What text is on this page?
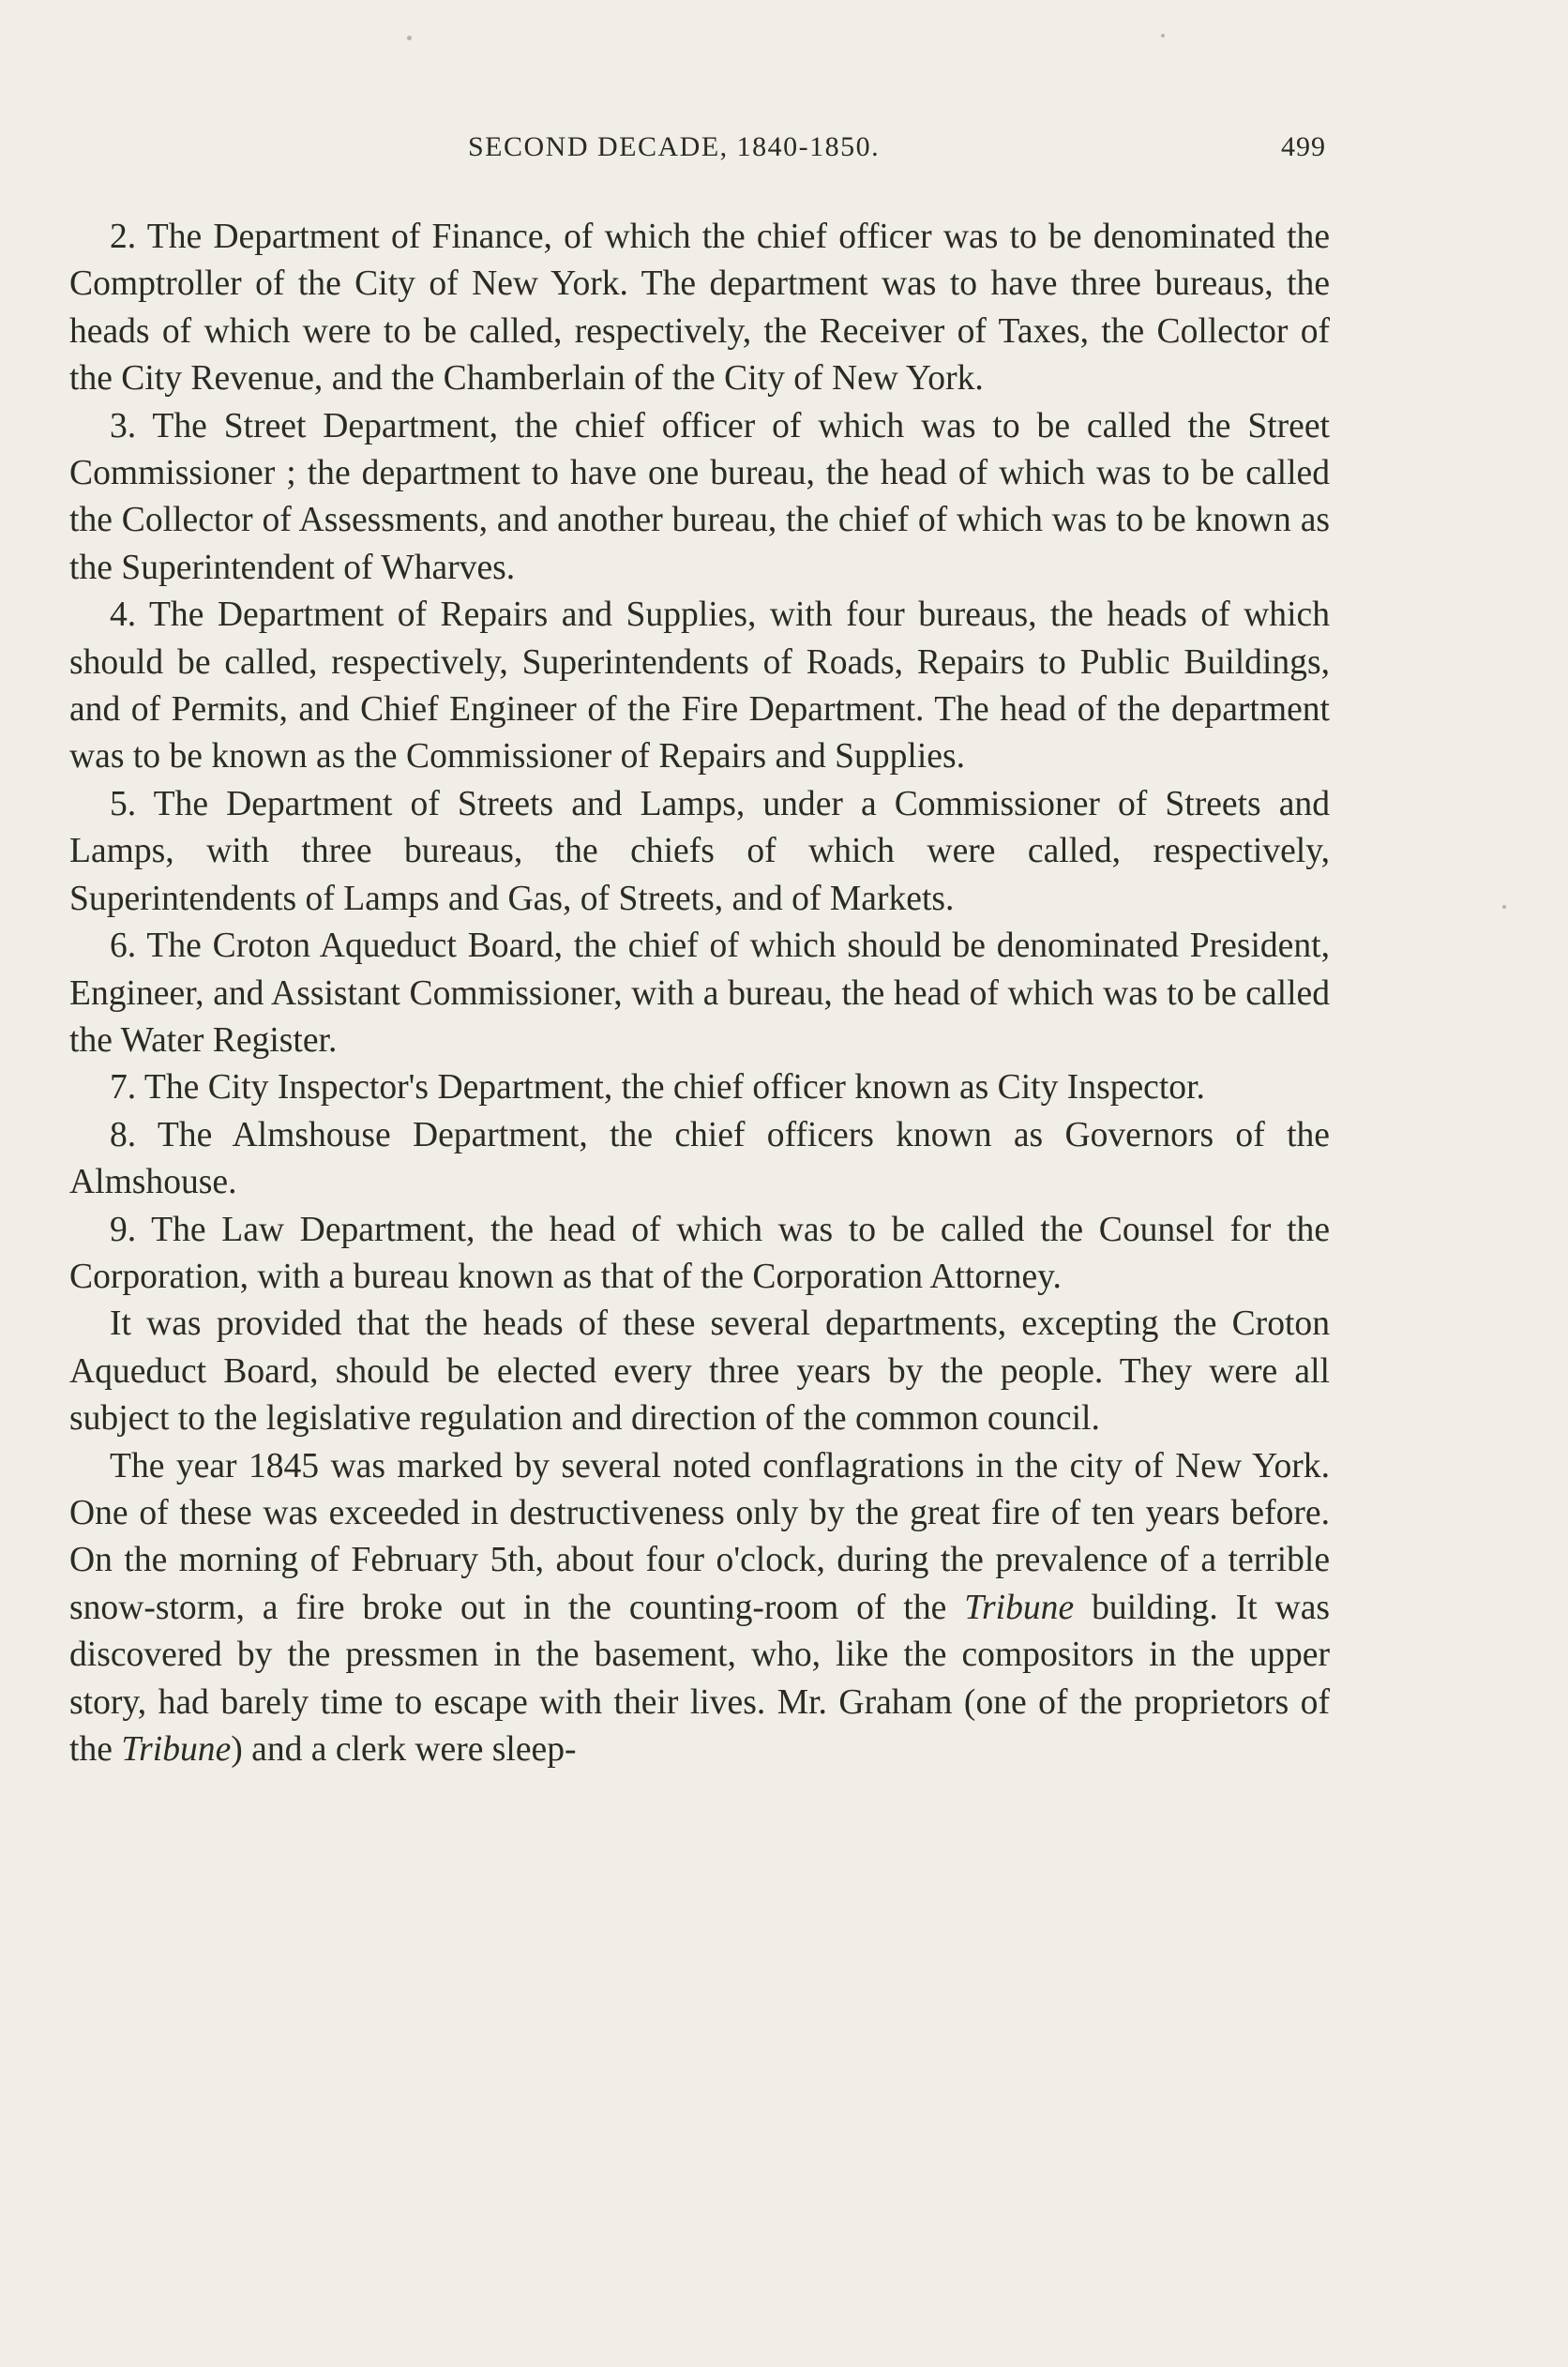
SECOND DECADE, 1840-1850.	499

2. The Department of Finance, of which the chief officer was to be denominated the Comptroller of the City of New York. The department was to have three bureaus, the heads of which were to be called, respectively, the Receiver of Taxes, the Collector of the City Revenue, and the Chamberlain of the City of New York.

3. The Street Department, the chief officer of which was to be called the Street Commissioner ; the department to have one bureau, the head of which was to be called the Collector of Assessments, and another bureau, the chief of which was to be known as the Superintendent of Wharves.

4. The Department of Repairs and Supplies, with four bureaus, the heads of which should be called, respectively, Superintendents of Roads, Repairs to Public Buildings, and of Permits, and Chief Engineer of the Fire Department. The head of the department was to be known as the Commissioner of Repairs and Supplies.

5. The Department of Streets and Lamps, under a Commissioner of Streets and Lamps, with three bureaus, the chiefs of which were called, respectively, Superintendents of Lamps and Gas, of Streets, and of Markets.

6. The Croton Aqueduct Board, the chief of which should be denominated President, Engineer, and Assistant Commissioner, with a bureau, the head of which was to be called the Water Register.

7. The City Inspector's Department, the chief officer known as City Inspector.

8. The Almshouse Department, the chief officers known as Governors of the Almshouse.

9. The Law Department, the head of which was to be called the Counsel for the Corporation, with a bureau known as that of the Corporation Attorney.

It was provided that the heads of these several departments, excepting the Croton Aqueduct Board, should be elected every three years by the people. They were all subject to the legislative regulation and direction of the common council.

The year 1845 was marked by several noted conflagrations in the city of New York. One of these was exceeded in destructiveness only by the great fire of ten years before. On the morning of February 5th, about four o'clock, during the prevalence of a terrible snow-storm, a fire broke out in the counting-room of the Tribune building. It was discovered by the pressmen in the basement, who, like the compositors in the upper story, had barely time to escape with their lives. Mr. Graham (one of the proprietors of the Tribune) and a clerk were sleep-
